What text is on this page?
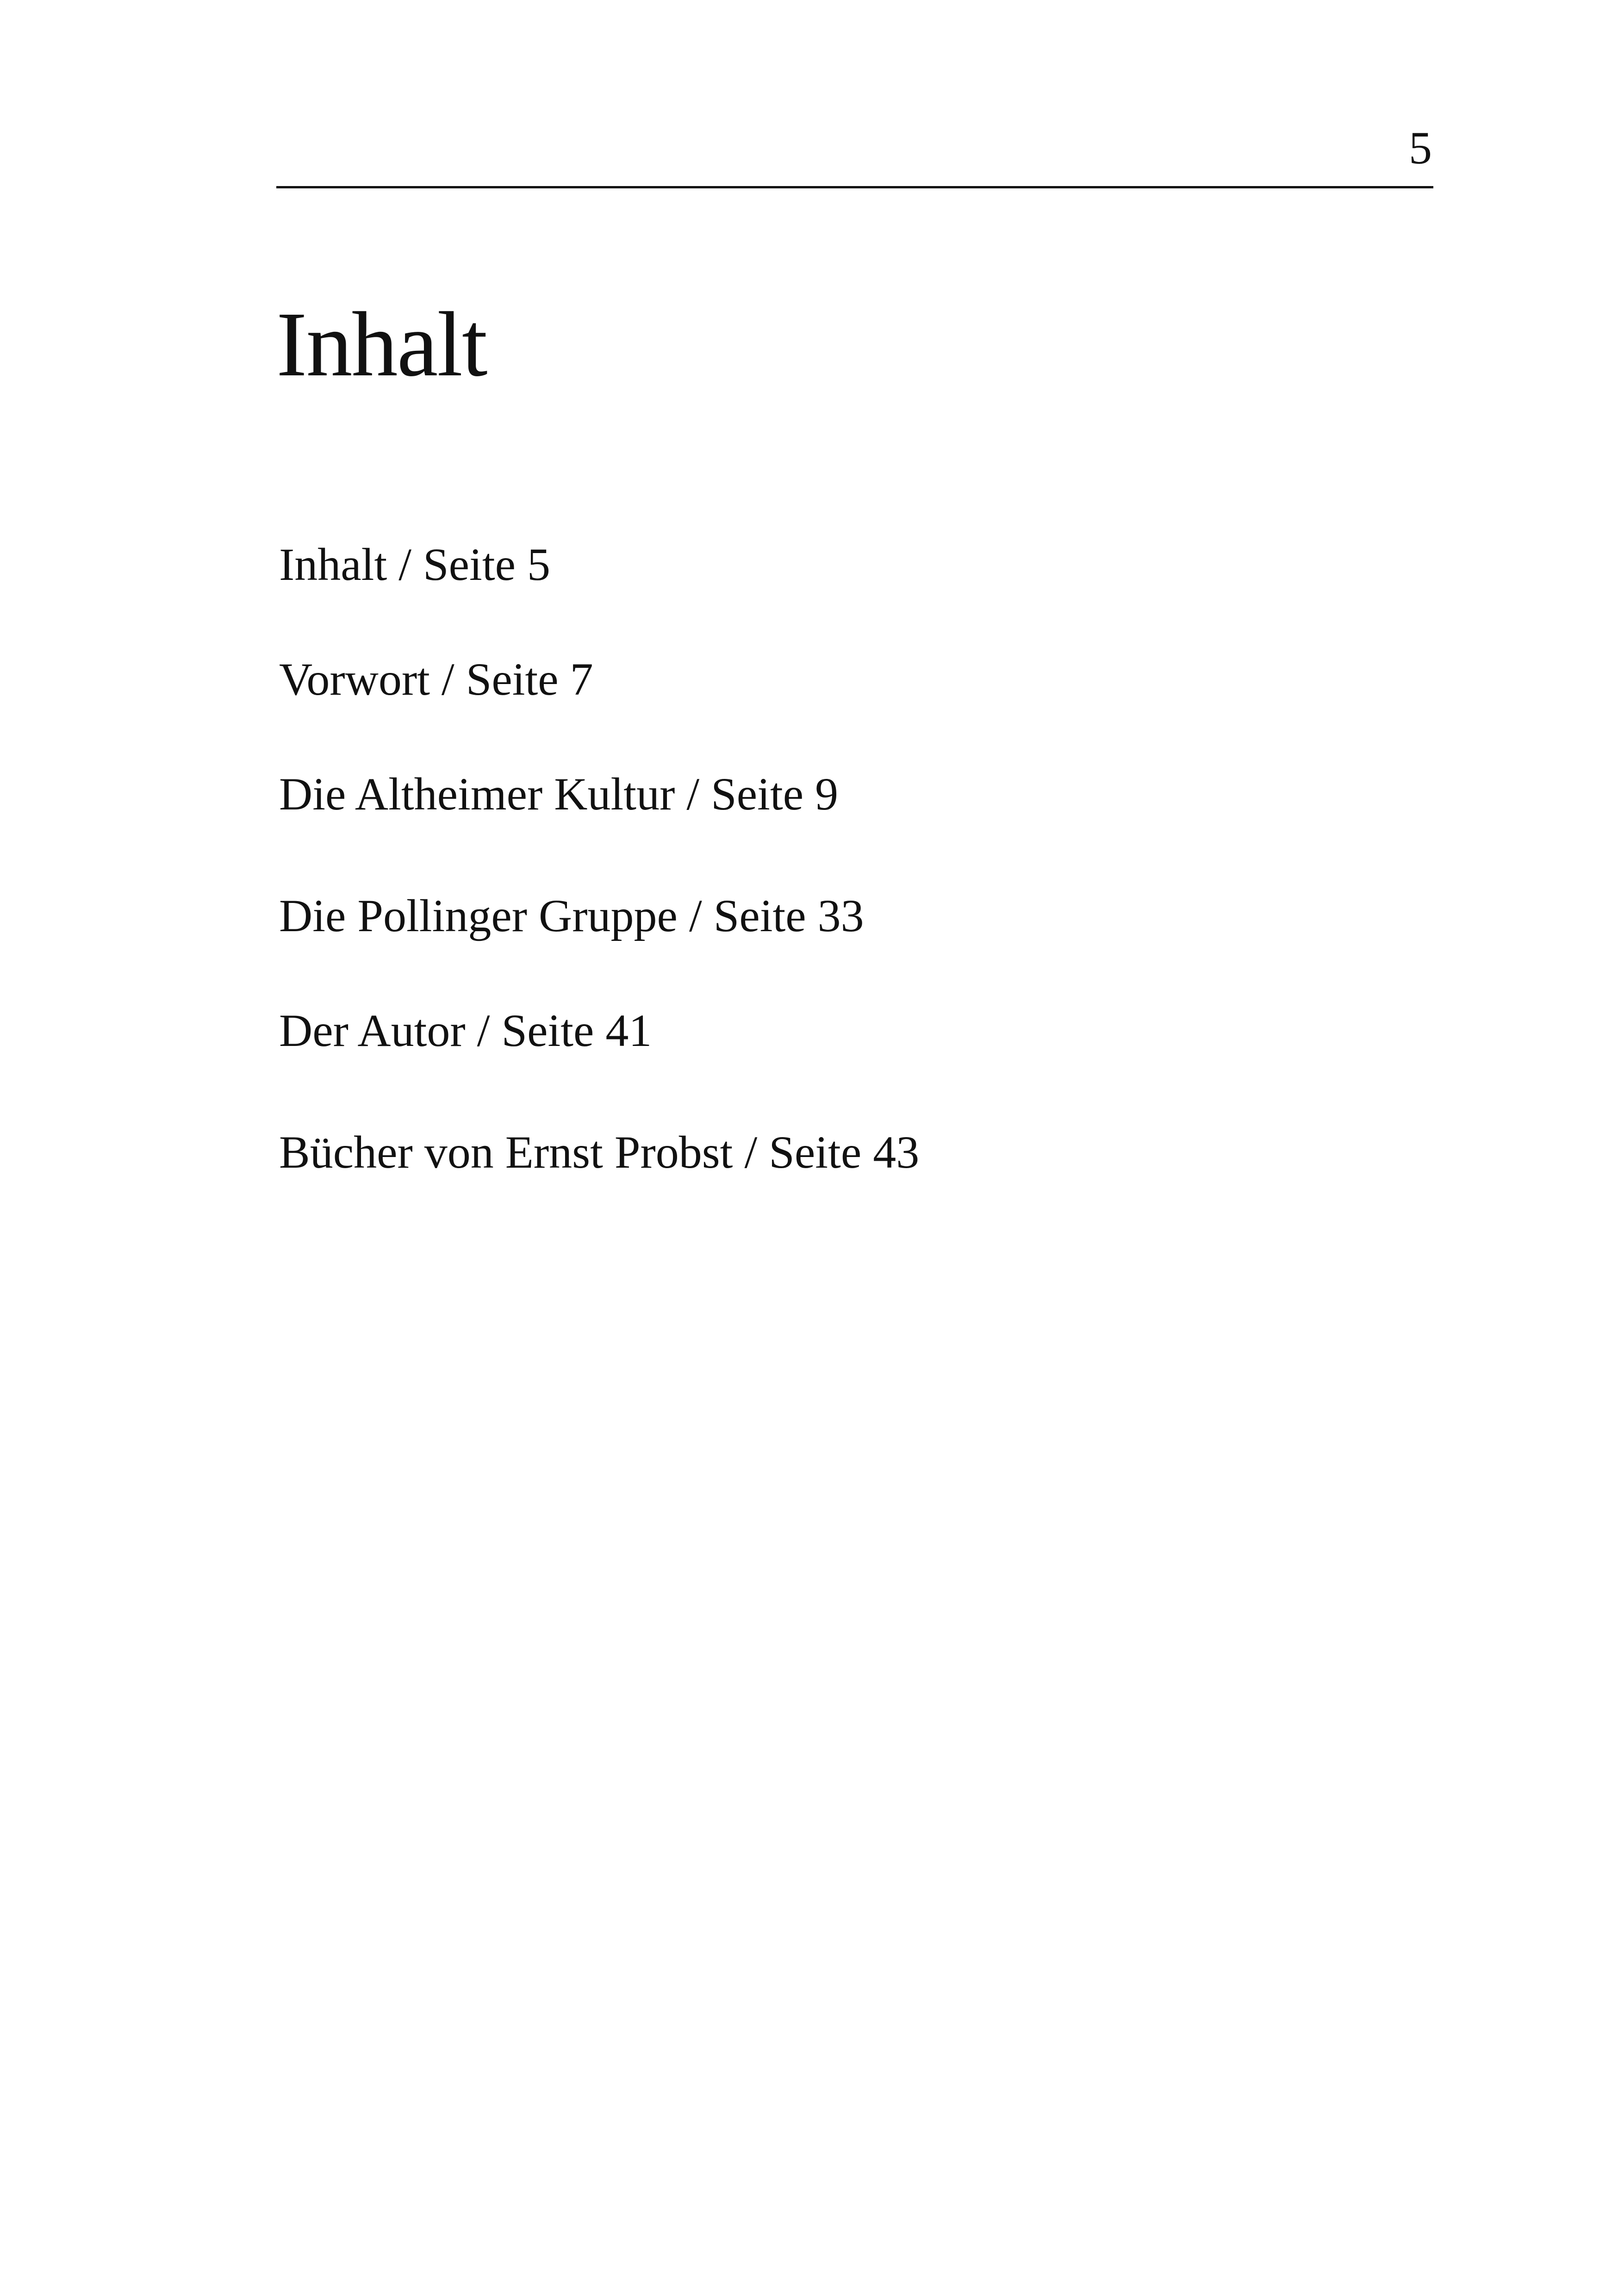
5
Inhalt

Inhalt / Seite 5

Vorwort / Seite 7

Die Altheimer Kultur / Seite 9

Die Pollinger Gruppe / Seite 33

Der Autor / Seite 41

Bücher von Ernst Probst / Seite 43
